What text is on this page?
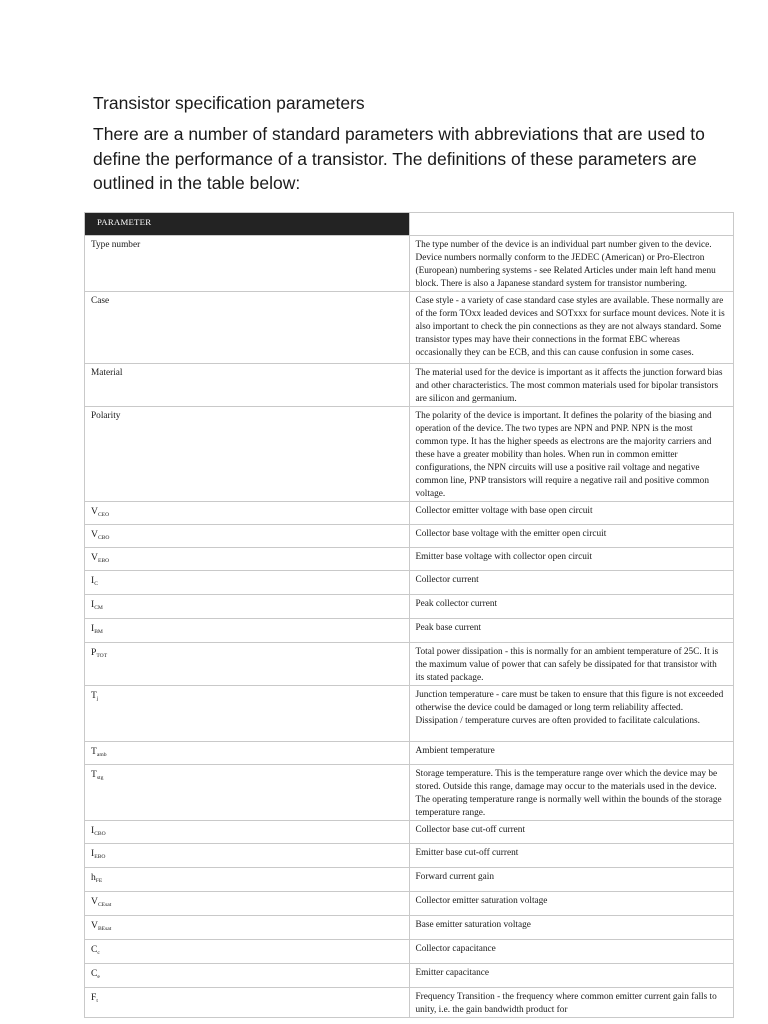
Transistor specification parameters

There are a number of standard parameters with abbreviations that are used to define the performance of a transistor. The definitions of these parameters are outlined in the table below:

PARAMETER	
Type number	The type number of the device is an individual part number given to the device. Device numbers normally conform to the JEDEC (American) or Pro-Electron (European) numbering systems - see Related Articles under main left hand menu block. There is also a Japanese standard system for transistor numbering.
Case	Case style - a variety of case standard case styles are available. These normally are of the form TOxx leaded devices and SOTxxx for surface mount devices. Note it is also important to check the pin connections as they are not always standard. Some transistor types may have their connections in the format EBC whereas occasionally they can be ECB, and this can cause confusion in some cases.
Material	The material used for the device is important as it affects the junction forward bias and other characteristics. The most common materials used for bipolar transistors are silicon and germanium.
Polarity	The polarity of the device is important. It defines the polarity of the biasing and operation of the device. The two types are NPN and PNP. NPN is the most common type. It has the higher speeds as electrons are the majority carriers and these have a greater mobility than holes. When run in common emitter configurations, the NPN circuits will use a positive rail voltage and negative common line, PNP transistors will require a negative rail and positive common voltage.
$V_{CEO}$	Collector emitter voltage with base open circuit
$V_{CBO}$	Collector base voltage with the emitter open circuit
$V_{EBO}$	Emitter base voltage with collector open circuit
$I_C$	Collector current
$I_{CM}$	Peak collector current
$I_{BM}$	Peak base current
$P_{TOT}$	Total power dissipation - this is normally for an ambient temperature of 25C. It is the maximum value of power that can safely be dissipated for that transistor with its stated package.
$T_j$	Junction temperature - care must be taken to ensure that this figure is not exceeded otherwise the device could be damaged or long term reliability affected. Dissipation / temperature curves are often provided to facilitate calculations.
$T_{amb}$	Ambient temperature
$T_{stg}$	Storage temperature. This is the temperature range over which the device may be stored. Outside this range, damage may occur to the materials used in the device. The operating temperature range is normally well within the bounds of the storage temperature range.
$I_{CBO}$	Collector base cut-off current
$I_{EBO}$	Emitter base cut-off current
$h_{FE}$	Forward current gain
$V_{CEsat}$	Collector emitter saturation voltage
$V_{BEsat}$	Base emitter saturation voltage
$C_c$	Collector capacitance
$C_e$	Emitter capacitance
$F_t$	Frequency Transition - the frequency where common emitter current gain falls to unity, i.e. the gain bandwidth product for
